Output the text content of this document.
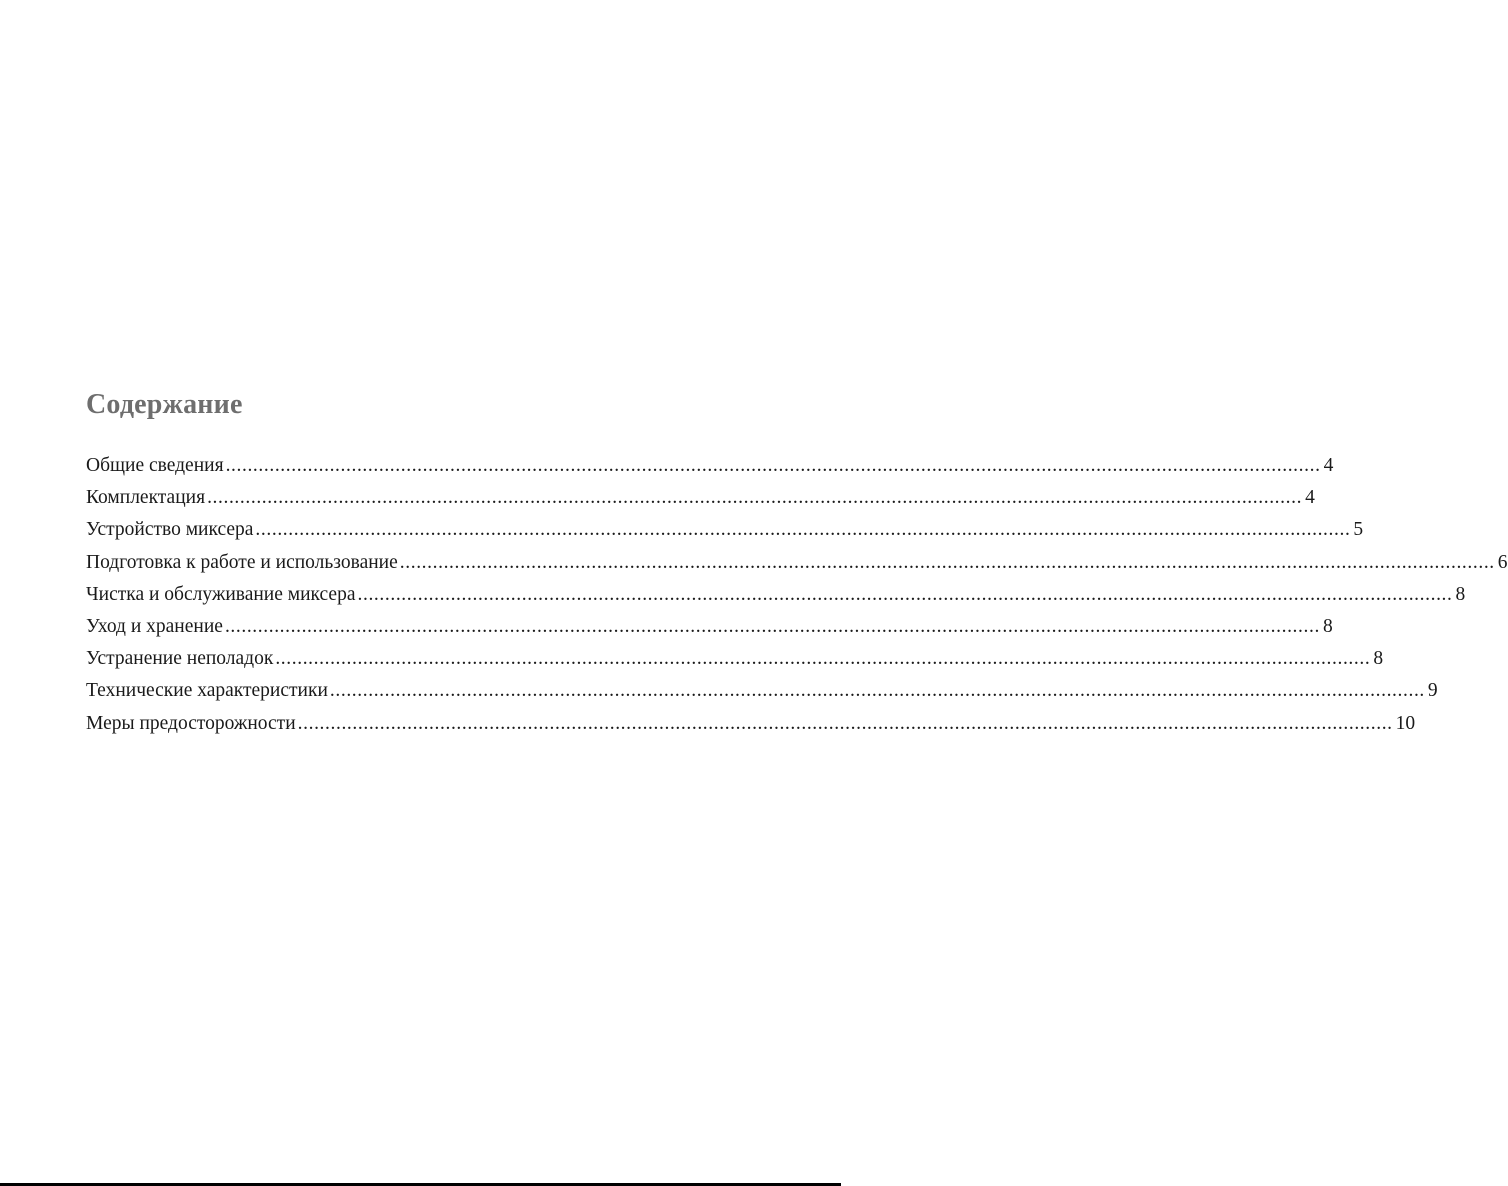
Содержание
Общие сведения ........................................................................................................................................................................................................ 4
Комплектация ........................................................................................................................................................................................................ 4
Устройство миксера ........................................................................................................................................................................................................ 5
Подготовка к работе и использование ........................................................................................................................................................................................................ 6
Чистка и обслуживание миксера ........................................................................................................................................................................................................ 8
Уход и хранение ........................................................................................................................................................................................................ 8
Устранение неполадок ........................................................................................................................................................................................................ 8
Технические характеристики ........................................................................................................................................................................................................ 9
Меры предосторожности ........................................................................................................................................................................................................ 10
